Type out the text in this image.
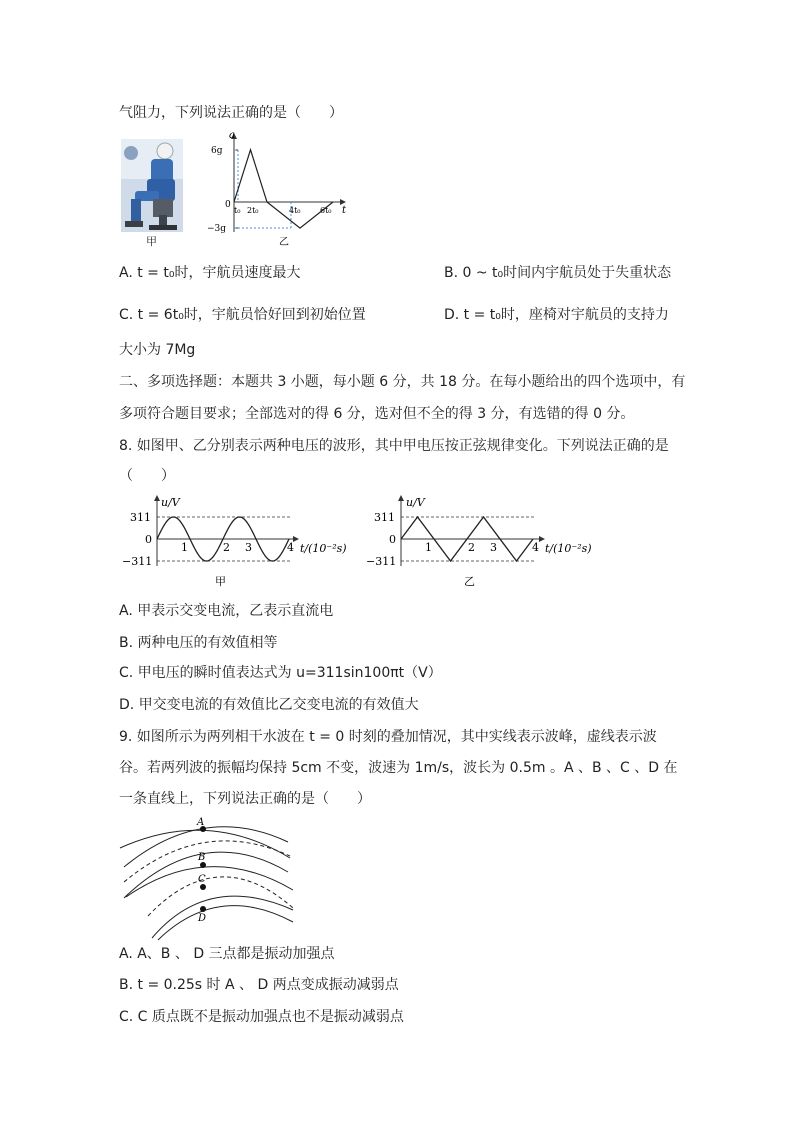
气阻力，下列说法正确的是（　　）
甲
a
t
6g
−3g
0
t₀ 2t₀	4t₀ 6t₀
乙
A. t = t₀时，宇航员速度最大	B. 0 ~ t₀时间内宇航员处于失重状态
C. t = 6t₀时，宇航员恰好回到初始位置	D. t = t₀时，座椅对宇航员的支持力
大小为 7Mg
二、多项选择题：本题共 3 小题，每小题 6 分，共 18 分。在每小题给出的四个选项中，有
多项符合题目要求；全部选对的得 6 分，选对但不全的得 3 分，有选错的得 0 分。
8. 如图甲、乙分别表示两种电压的波形，其中甲电压按正弦规律变化。下列说法正确的是
（　　）
u/V
t/(10⁻²s)
311
−311
0
1	2 3	4
甲
u/V
t/(10⁻²s)
311
−311
0
1	2 3	4
乙
A. 甲表示交变电流，乙表示直流电
B. 两种电压的有效值相等
C. 甲电压的瞬时值表达式为 u=311sin100πt（V）
D. 甲交变电流的有效值比乙交变电流的有效值大
9. 如图所示为两列相干水波在 t = 0 时刻的叠加情况，其中实线表示波峰，虚线表示波
谷。若两列波的振幅均保持 5cm 不变，波速为 1m/s，波长为 0.5m 。A 、B 、C 、D 在
一条直线上，下列说法正确的是（　　）
A
B
C
D
A. A、B 、 D 三点都是振动加强点
B. t = 0.25s 时 A 、 D 两点变成振动减弱点
C. C 质点既不是振动加强点也不是振动减弱点
